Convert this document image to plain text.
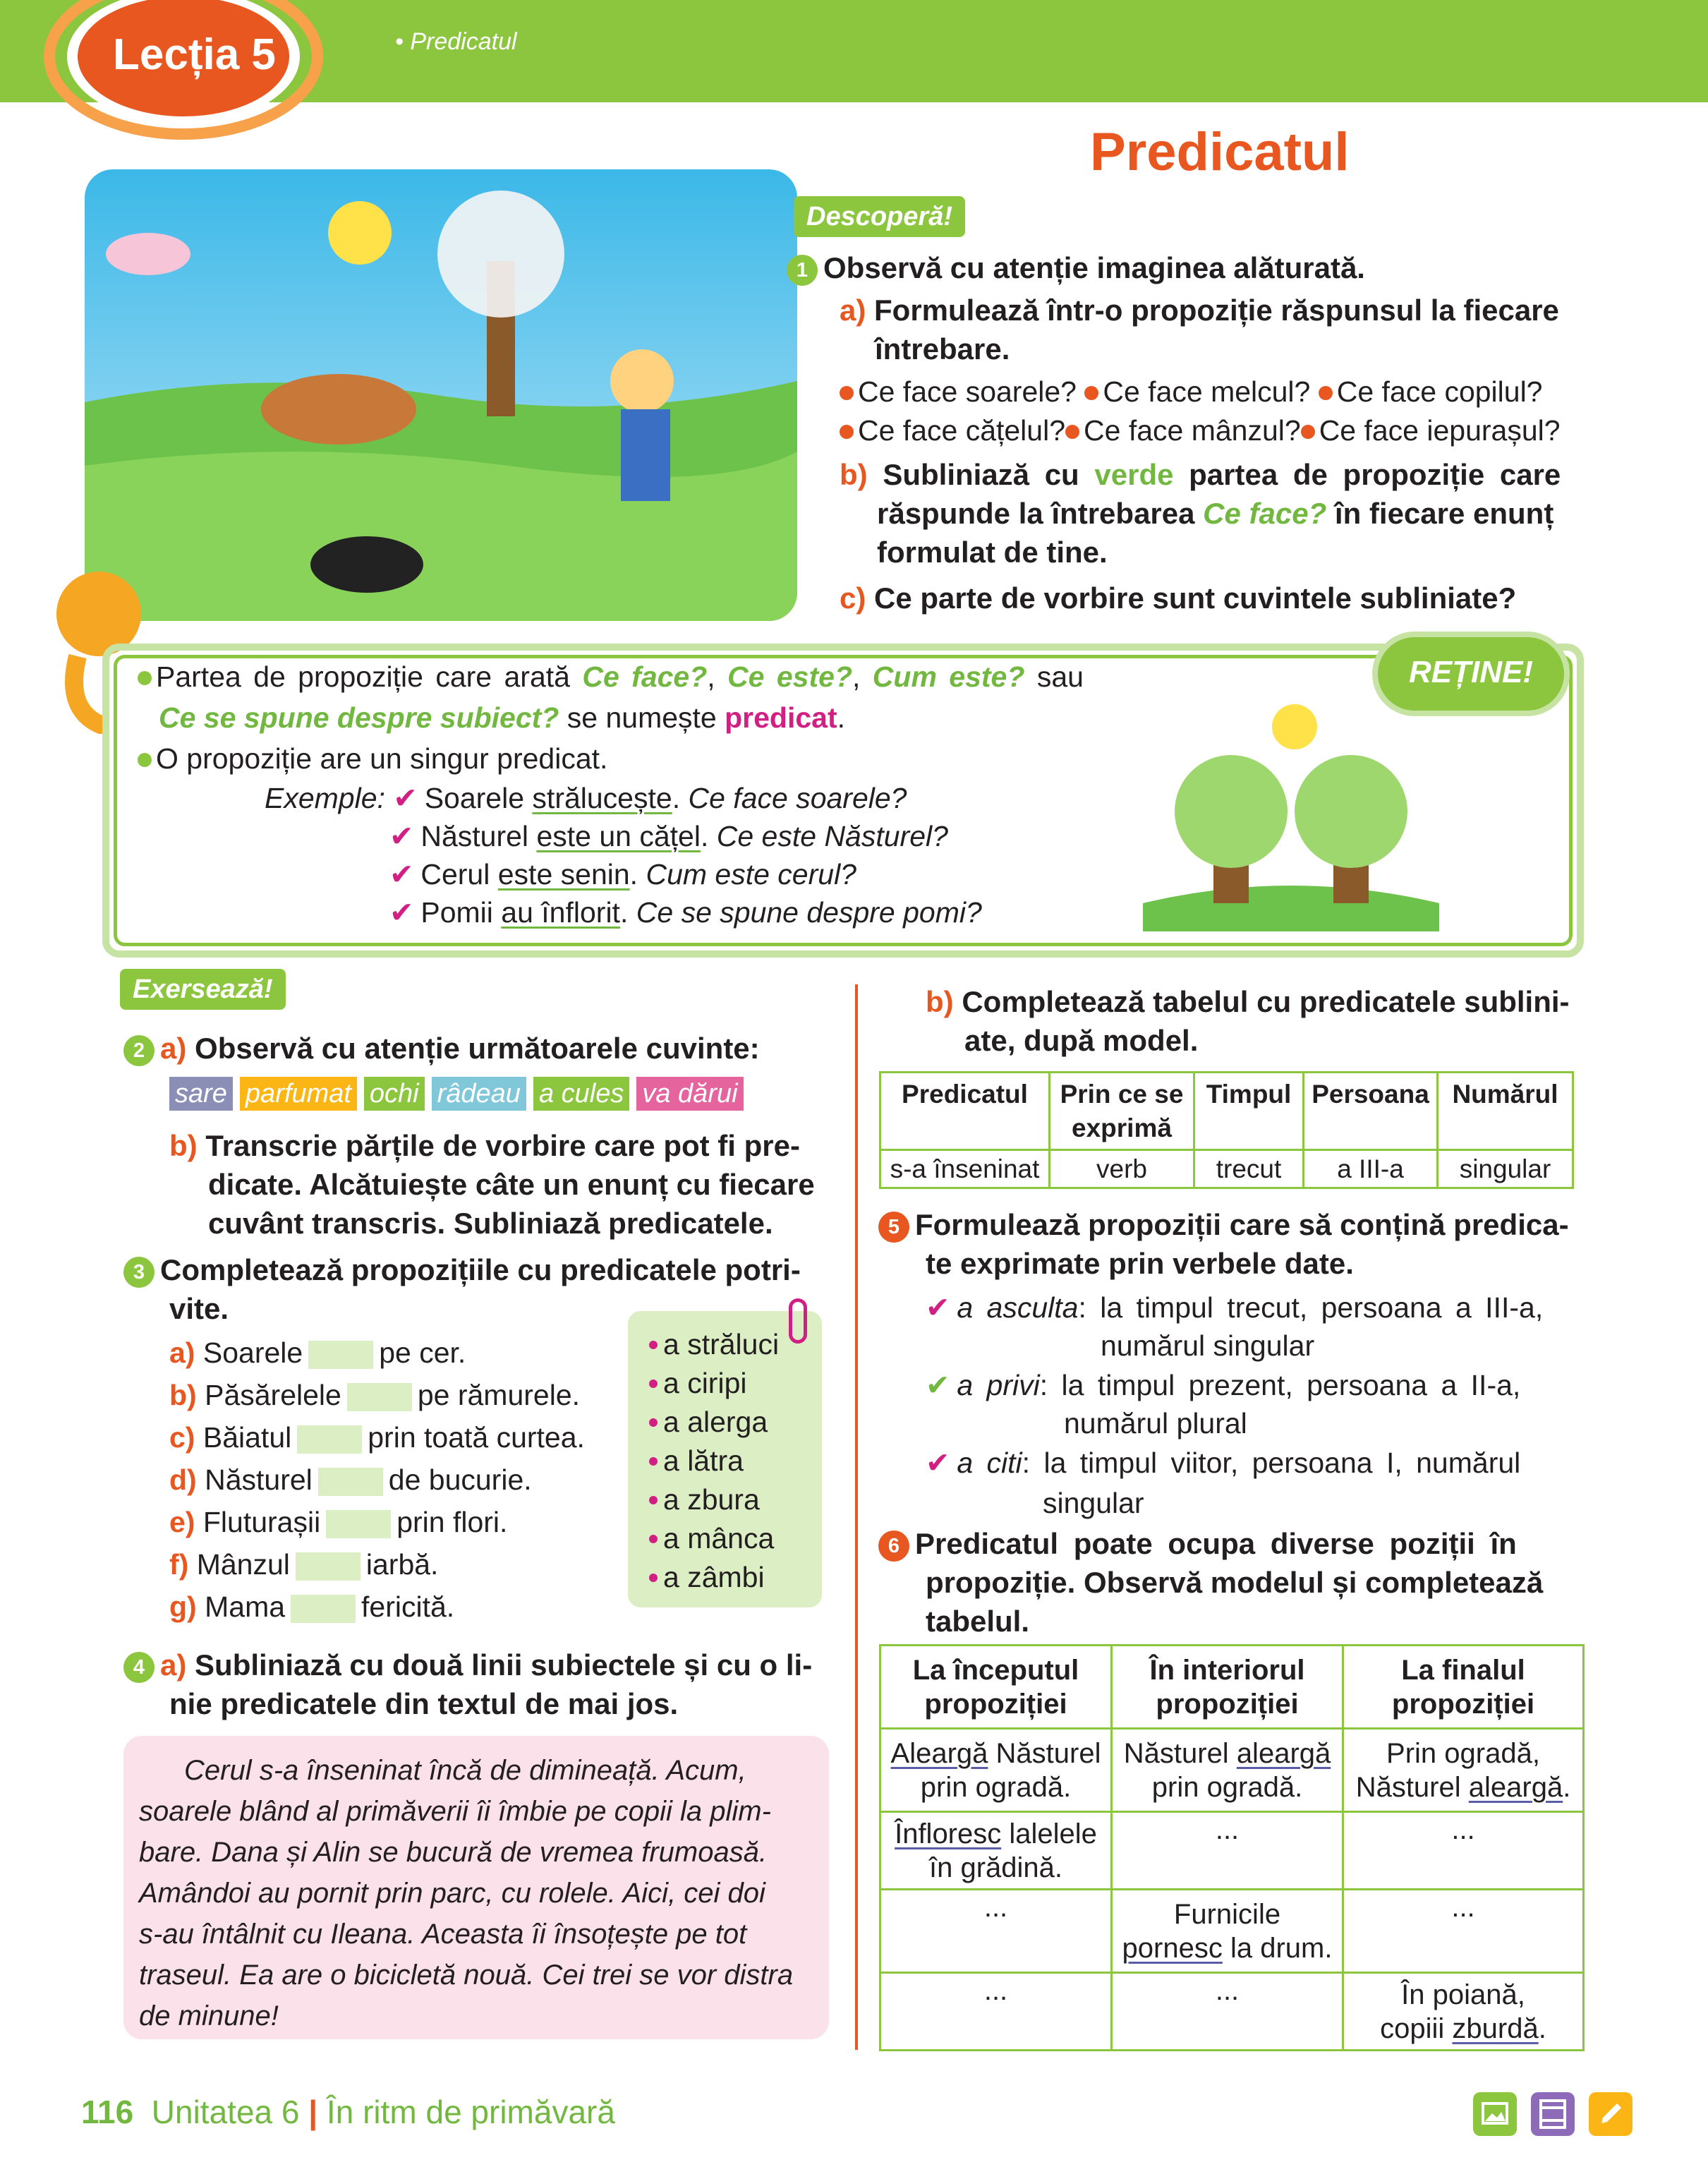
Lecția 5	• Predicatul
Predicatul
Descoperă!
1 Observă cu atenție imaginea alăturată.
a) Formulează într-o propoziție răspunsul la fiecare
întrebare.
Ce face soarele? Ce face melcul? Ce face copilul?
Ce face cățelul? Ce face mânzul? Ce face iepurașul?
b) Subliniază cu verde partea de propoziție care
răspunde la întrebarea Ce face? în fiecare enunț
formulat de tine.
c) Ce parte de vorbire sunt cuvintele subliniate?
REȚINE!
Partea de propoziție care arată Ce face?, Ce este?, Cum este? sau
Ce se spune despre subiect? se numește predicat.
O propoziție are un singur predicat.
Exemple: ✔ Soarele strălucește. Ce face soarele?
✔ Năsturel este un cățel. Ce este Năsturel?
✔ Cerul este senin. Cum este cerul?
✔ Pomii au înflorit. Ce se spune despre pomi?
Exersează!
2 a) Observă cu atenție următoarele cuvinte:
sare parfumat ochi râdeau a cules va dărui
b) Transcrie părțile de vorbire care pot fi pre-
dicate. Alcătuiește câte un enunț cu fiecare
cuvânt transcris. Subliniază predicatele.
3 Completează propozițiile cu predicatele potri-
vite.
a) Soarele	pe cer.
b) Păsărelele	pe rămurele.
c) Băiatul	prin toată curtea.
d) Năsturel	de bucurie.
e) Fluturașii	prin flori.
f) Mânzul	iarbă.
g) Mama	fericită.
a străluci
a ciripi
a alerga
a lătra
a zbura
a mânca
a zâmbi
4 a) Subliniază cu două linii subiectele și cu o li-
nie predicatele din textul de mai jos.
Cerul s-a înseninat încă de dimineață. Acum,
soarele blând al primăverii îi îmbie pe copii la plim-
bare. Dana și Alin se bucură de vremea frumoasă.
Amândoi au pornit prin parc, cu rolele. Aici, cei doi
s-au întâlnit cu Ileana. Aceasta îi însoțește pe tot
traseul. Ea are o bicicletă nouă. Cei trei se vor distra
de minune!
b) Completează tabelul cu predicatele sublini-
ate, după model.
Predicatul	Prin ce se exprimă	Timpul	Persoana	Numărul
s-a înseninat	verb	trecut	a III-a	singular
5 Formulează propoziții care să conțină predica-
te exprimate prin verbele date.
✔ a asculta: la timpul trecut, persoana a III-a,
numărul singular
✔ a privi: la timpul prezent, persoana a II-a,
numărul plural
✔ a citi: la timpul viitor, persoana I, numărul
singular
6 Predicatul poate ocupa diverse poziții în
propoziție. Observă modelul și completează
tabelul.
La începutul propoziției	În interiorul propoziției	La finalul propoziției
Aleargă Năsturel
prin ogradă.	Năsturel aleargă
prin ogradă.	Prin ogradă,
Năsturel aleargă.
Înfloresc lalelele
în grădină.	...	...
...	Furnicile
pornesc la drum.	...
...	...	În poiană,
copiii zburdă.
116 Unitatea 6 | În ritm de primăvară
